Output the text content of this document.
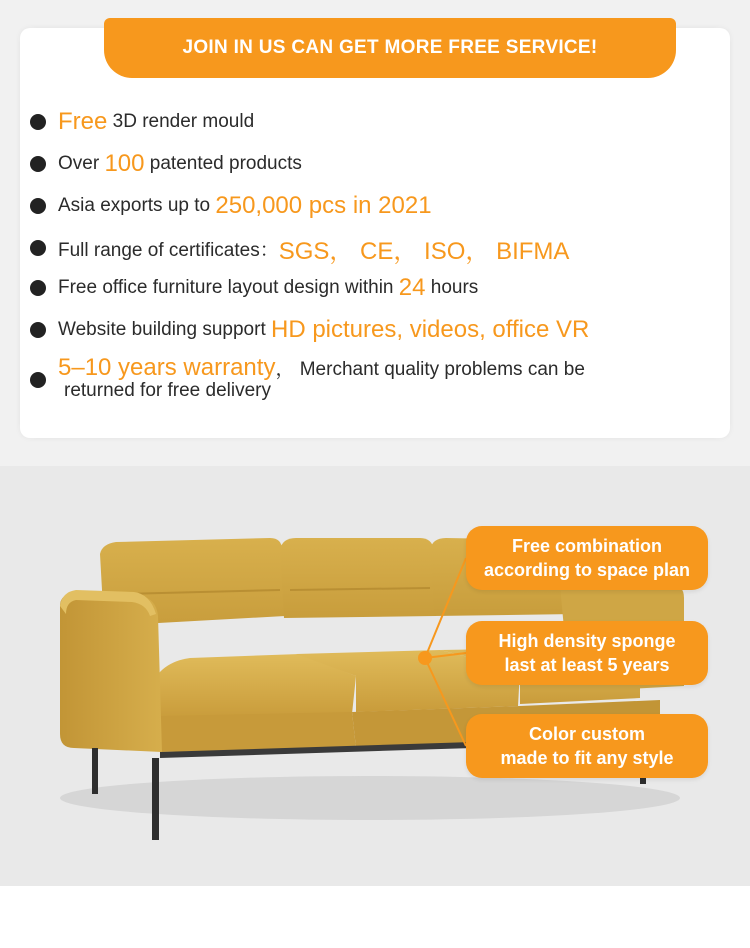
JOIN IN US CAN GET MORE FREE SERVICE!
Free 3D render mould
Over 100 patented products
Asia exports up to 250,000 pcs in 2021
Full range of certificates： SGS， CE， ISO， BIFMA
Free office furniture layout design within 24 hours
Website building support HD pictures, videos, office VR
5–10 years warranty， Merchant quality problems can be
returned for free delivery
Free combination
according to space plan
High density sponge
last at least 5 years
Color custom
made to fit any style
